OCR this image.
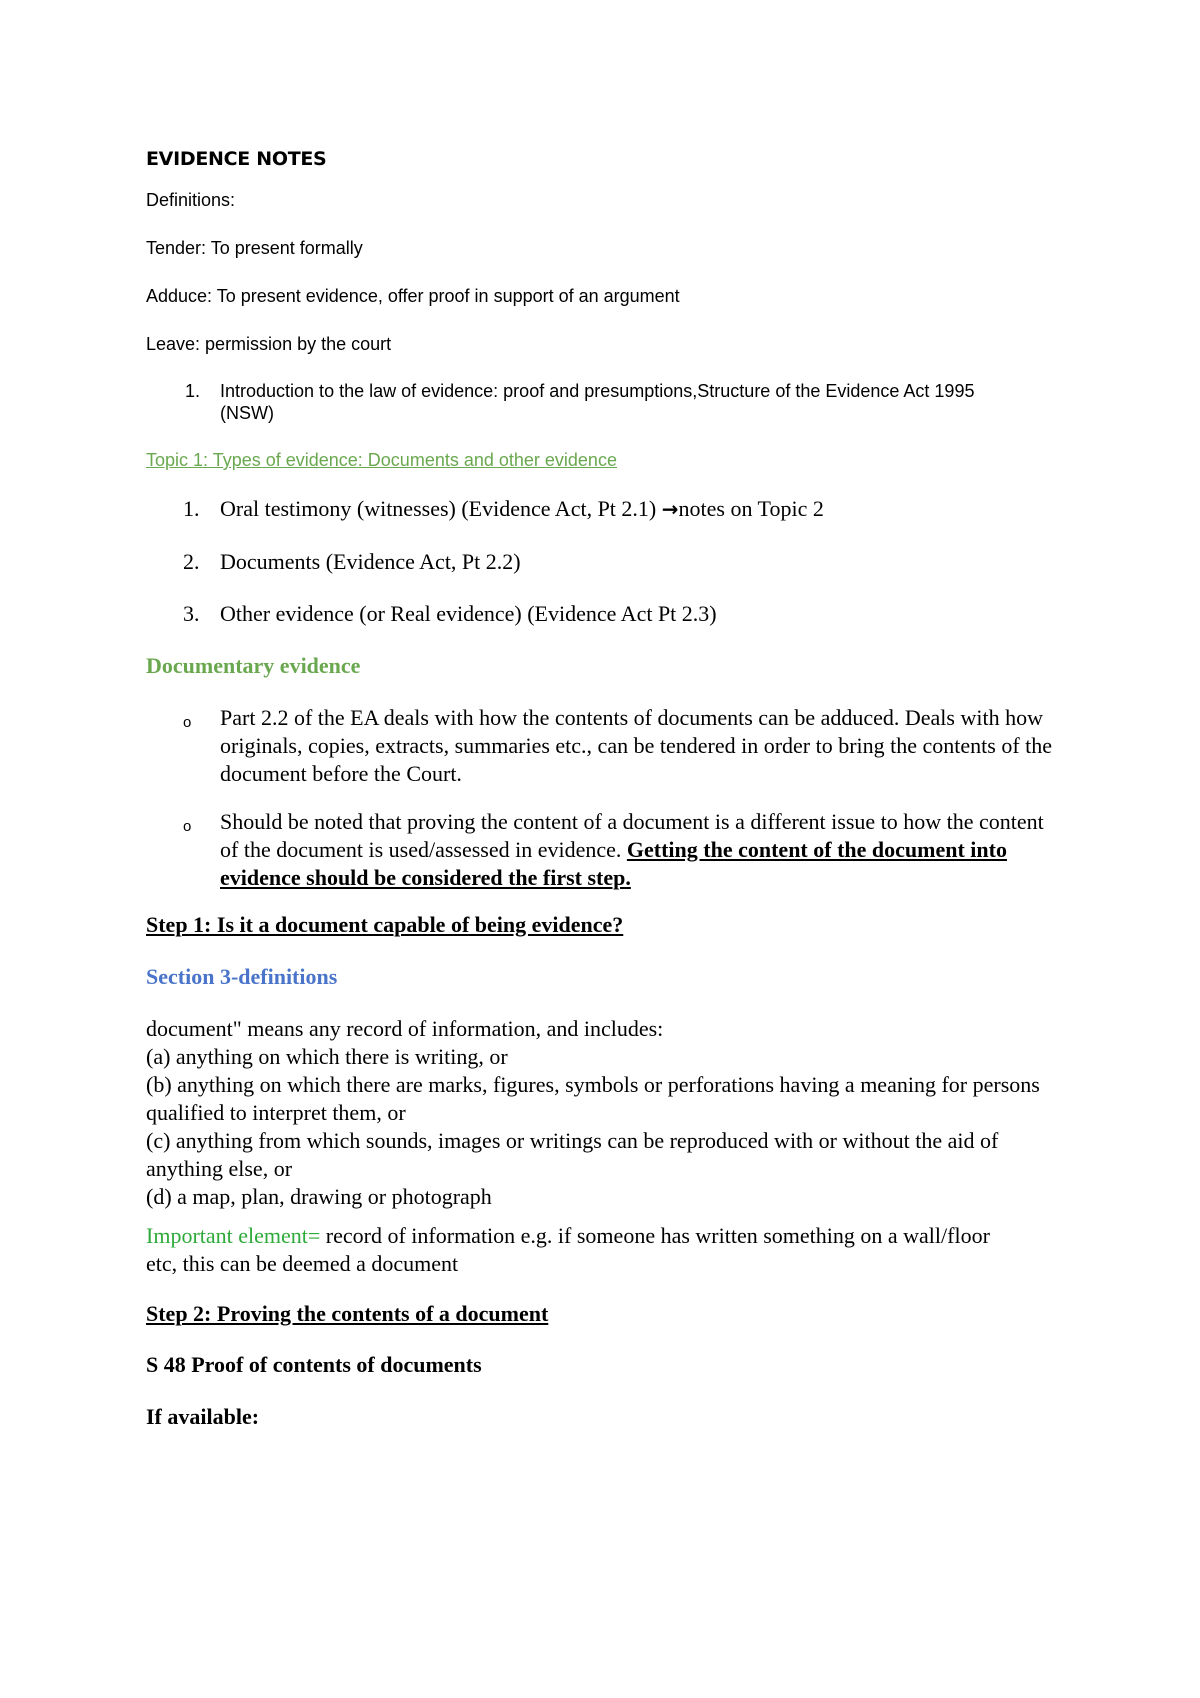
EVIDENCE NOTES
Definitions:
Tender: To present formally
Adduce: To present evidence, offer proof in support of an argument
Leave: permission by the court
1. Introduction to the law of evidence: proof and presumptions,Structure of the Evidence Act 1995 (NSW)
Topic 1: Types of evidence: Documents and other evidence
1. Oral testimony (witnesses) (Evidence Act, Pt 2.1) →notes on Topic 2
2. Documents (Evidence Act, Pt 2.2)
3. Other evidence (or Real evidence) (Evidence Act Pt 2.3)
Documentary evidence
o Part 2.2 of the EA deals with how the contents of documents can be adduced. Deals with how originals, copies, extracts, summaries etc., can be tendered in order to bring the contents of the document before the Court.
o Should be noted that proving the content of a document is a different issue to how the content of the document is used/assessed in evidence. Getting the content of the document into evidence should be considered the first step.
Step 1: Is it a document capable of being evidence?
Section 3-definitions
document" means any record of information, and includes:
(a) anything on which there is writing, or
(b) anything on which there are marks, figures, symbols or perforations having a meaning for persons qualified to interpret them, or
(c) anything from which sounds, images or writings can be reproduced with or without the aid of anything else, or
(d) a map, plan, drawing or photograph
Important element= record of information e.g. if someone has written something on a wall/floor etc, this can be deemed a document
Step 2: Proving the contents of a document
S 48 Proof of contents of documents
If available:
